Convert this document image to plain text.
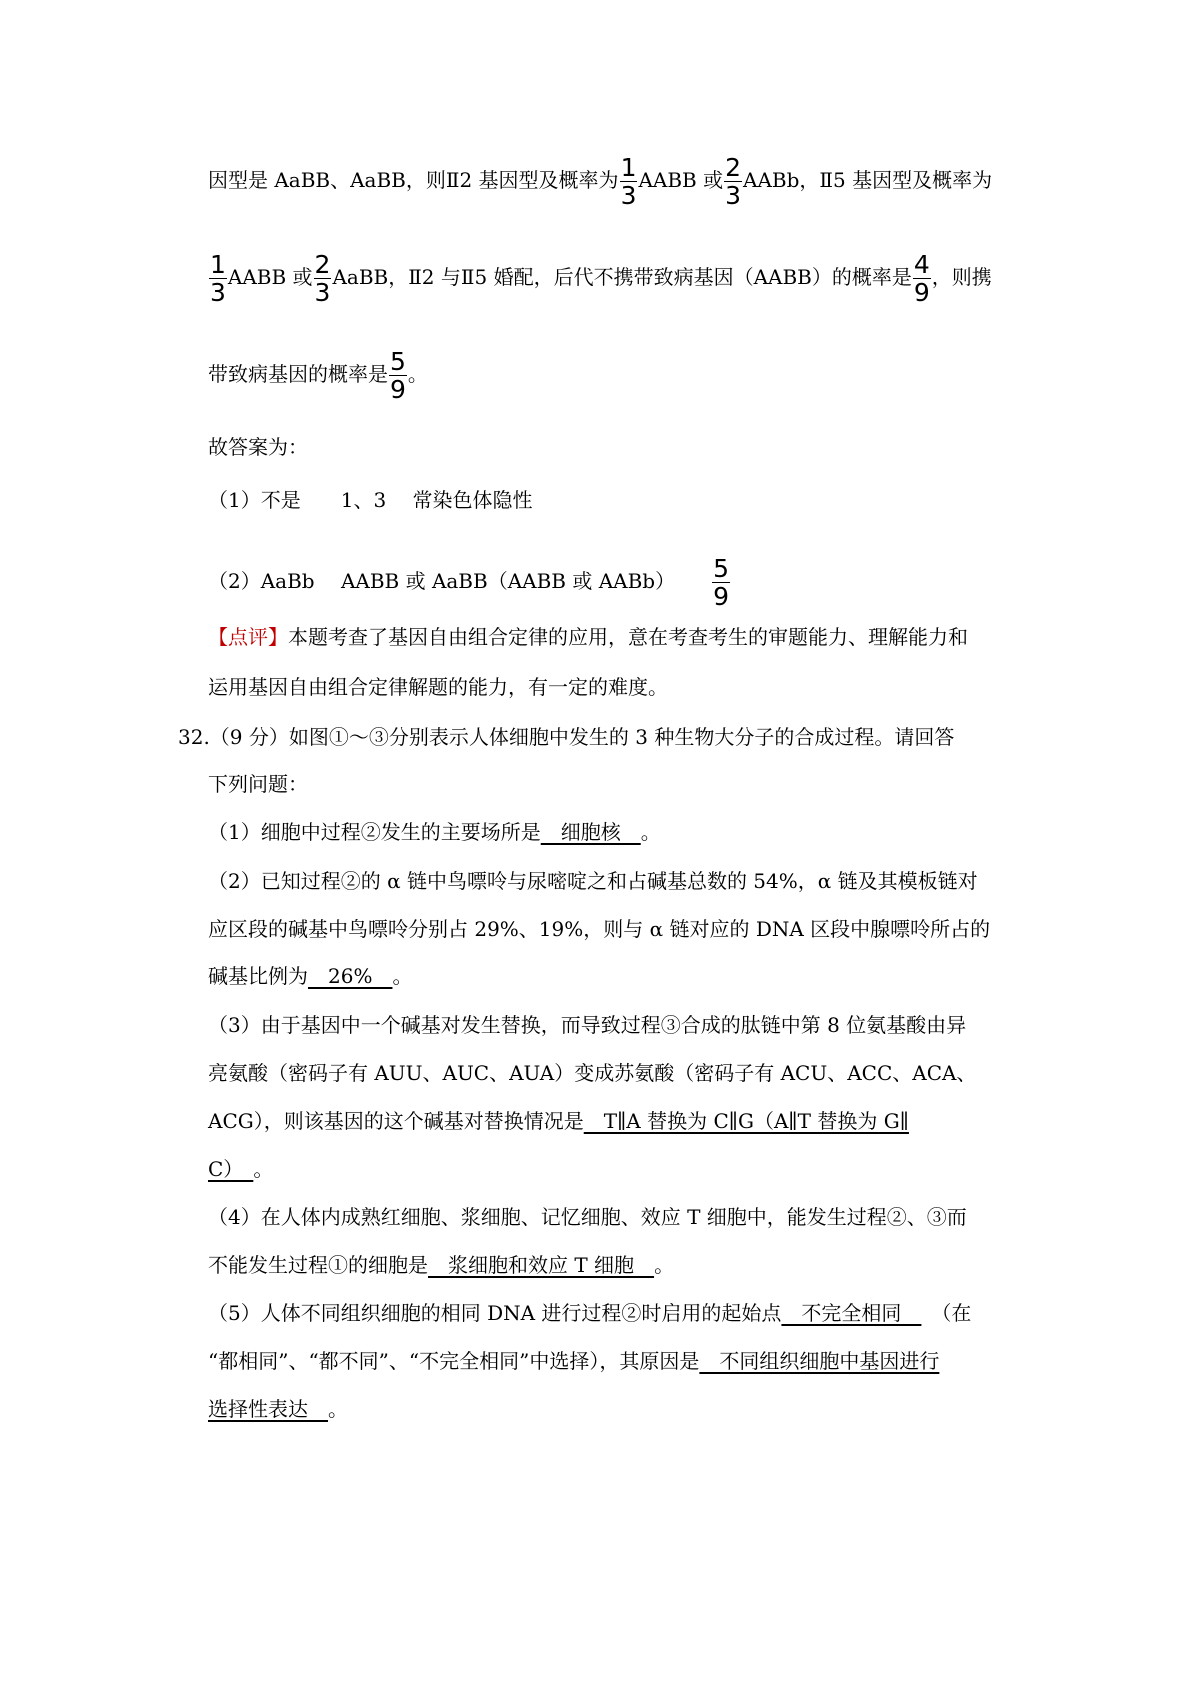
因型是 AaBB、AaBB，则Ⅱ2 基因型及概率为 $\frac{1}{3}$ AABB 或 $\frac{2}{3}$ AABb，Ⅱ5 基因型及概率为
$\frac{1}{3}$ AABB 或 $\frac{2}{3}$ AaBB，Ⅱ2 与Ⅱ5 婚配，后代不携带致病基因（AABB）的概率是 $\frac{4}{9}$ ，则携
带致病基因的概率是 $\frac{5}{9}$ 。
故答案为：
（1）不是　　1、3　 常染色体隐性
（2）AaBb　 AABB 或 AaBB（AABB 或 AABb） $\frac{5}{9}$
【点评】本题考查了基因自由组合定律的应用，意在考查考生的审题能力、理解能力和
运用基因自由组合定律解题的能力，有一定的难度。
32.（9 分）如图①～③分别表示人体细胞中发生的 3 种生物大分子的合成过程。请回答
下列问题：
（1）细胞中过程②发生的主要场所是　细胞核　。
（2）已知过程②的 α 链中鸟嘌呤与尿嘧啶之和占碱基总数的 54%，α 链及其模板链对
应区段的碱基中鸟嘌呤分别占 29%、19%，则与 α 链对应的 DNA 区段中腺嘌呤所占的
碱基比例为　26%　。
（3）由于基因中一个碱基对发生替换，而导致过程③合成的肽链中第 8 位氨基酸由异
亮氨酸（密码子有 AUU、AUC、AUA）变成苏氨酸（密码子有 ACU、ACC、ACA、
ACG），则该基因的这个碱基对替换情况是　T∥A 替换为 C∥G（A∥T 替换为 G∥
C）　。
（4）在人体内成熟红细胞、浆细胞、记忆细胞、效应 T 细胞中，能发生过程②、③而
不能发生过程①的细胞是　浆细胞和效应 T 细胞　。
（5）人体不同组织细胞的相同 DNA 进行过程②时启用的起始点　不完全相同　　（在
“都相同”、“都不同”、“不完全相同”中选择），其原因是　不同组织细胞中基因进行
选择性表达　。
